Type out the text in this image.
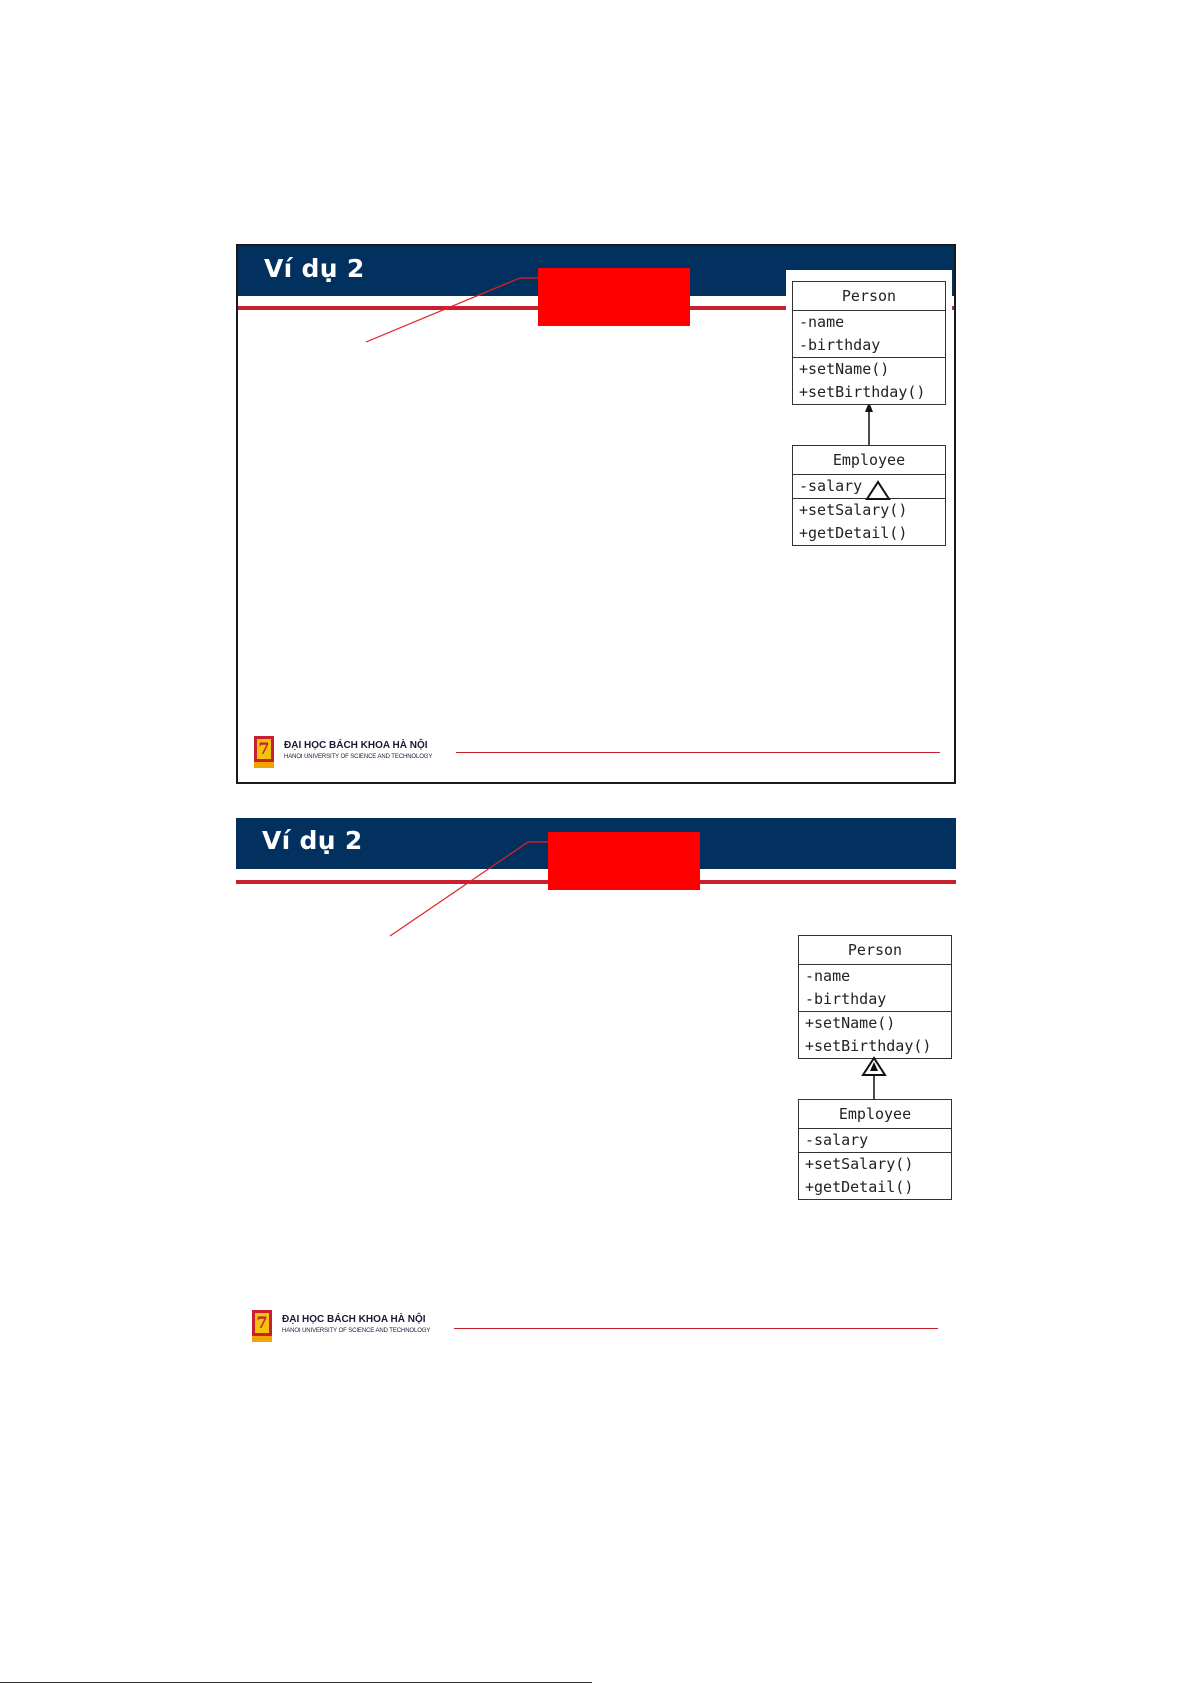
Ví dụ 2
Person
-name
-birthday
+setName()
+setBirthday()
Employee
-salary
+setSalary()
+getDetail()
7 ĐẠI HỌC BÁCH KHOA HÀ NỘI
HANOI UNIVERSITY OF SCIENCE AND TECHNOLOGY
Ví dụ 2
Person
-name
-birthday
+setName()
+setBirthday()
Employee
-salary
+setSalary()
+getDetail()
7 ĐẠI HỌC BÁCH KHOA HÀ NỘI
HANOI UNIVERSITY OF SCIENCE AND TECHNOLOGY
